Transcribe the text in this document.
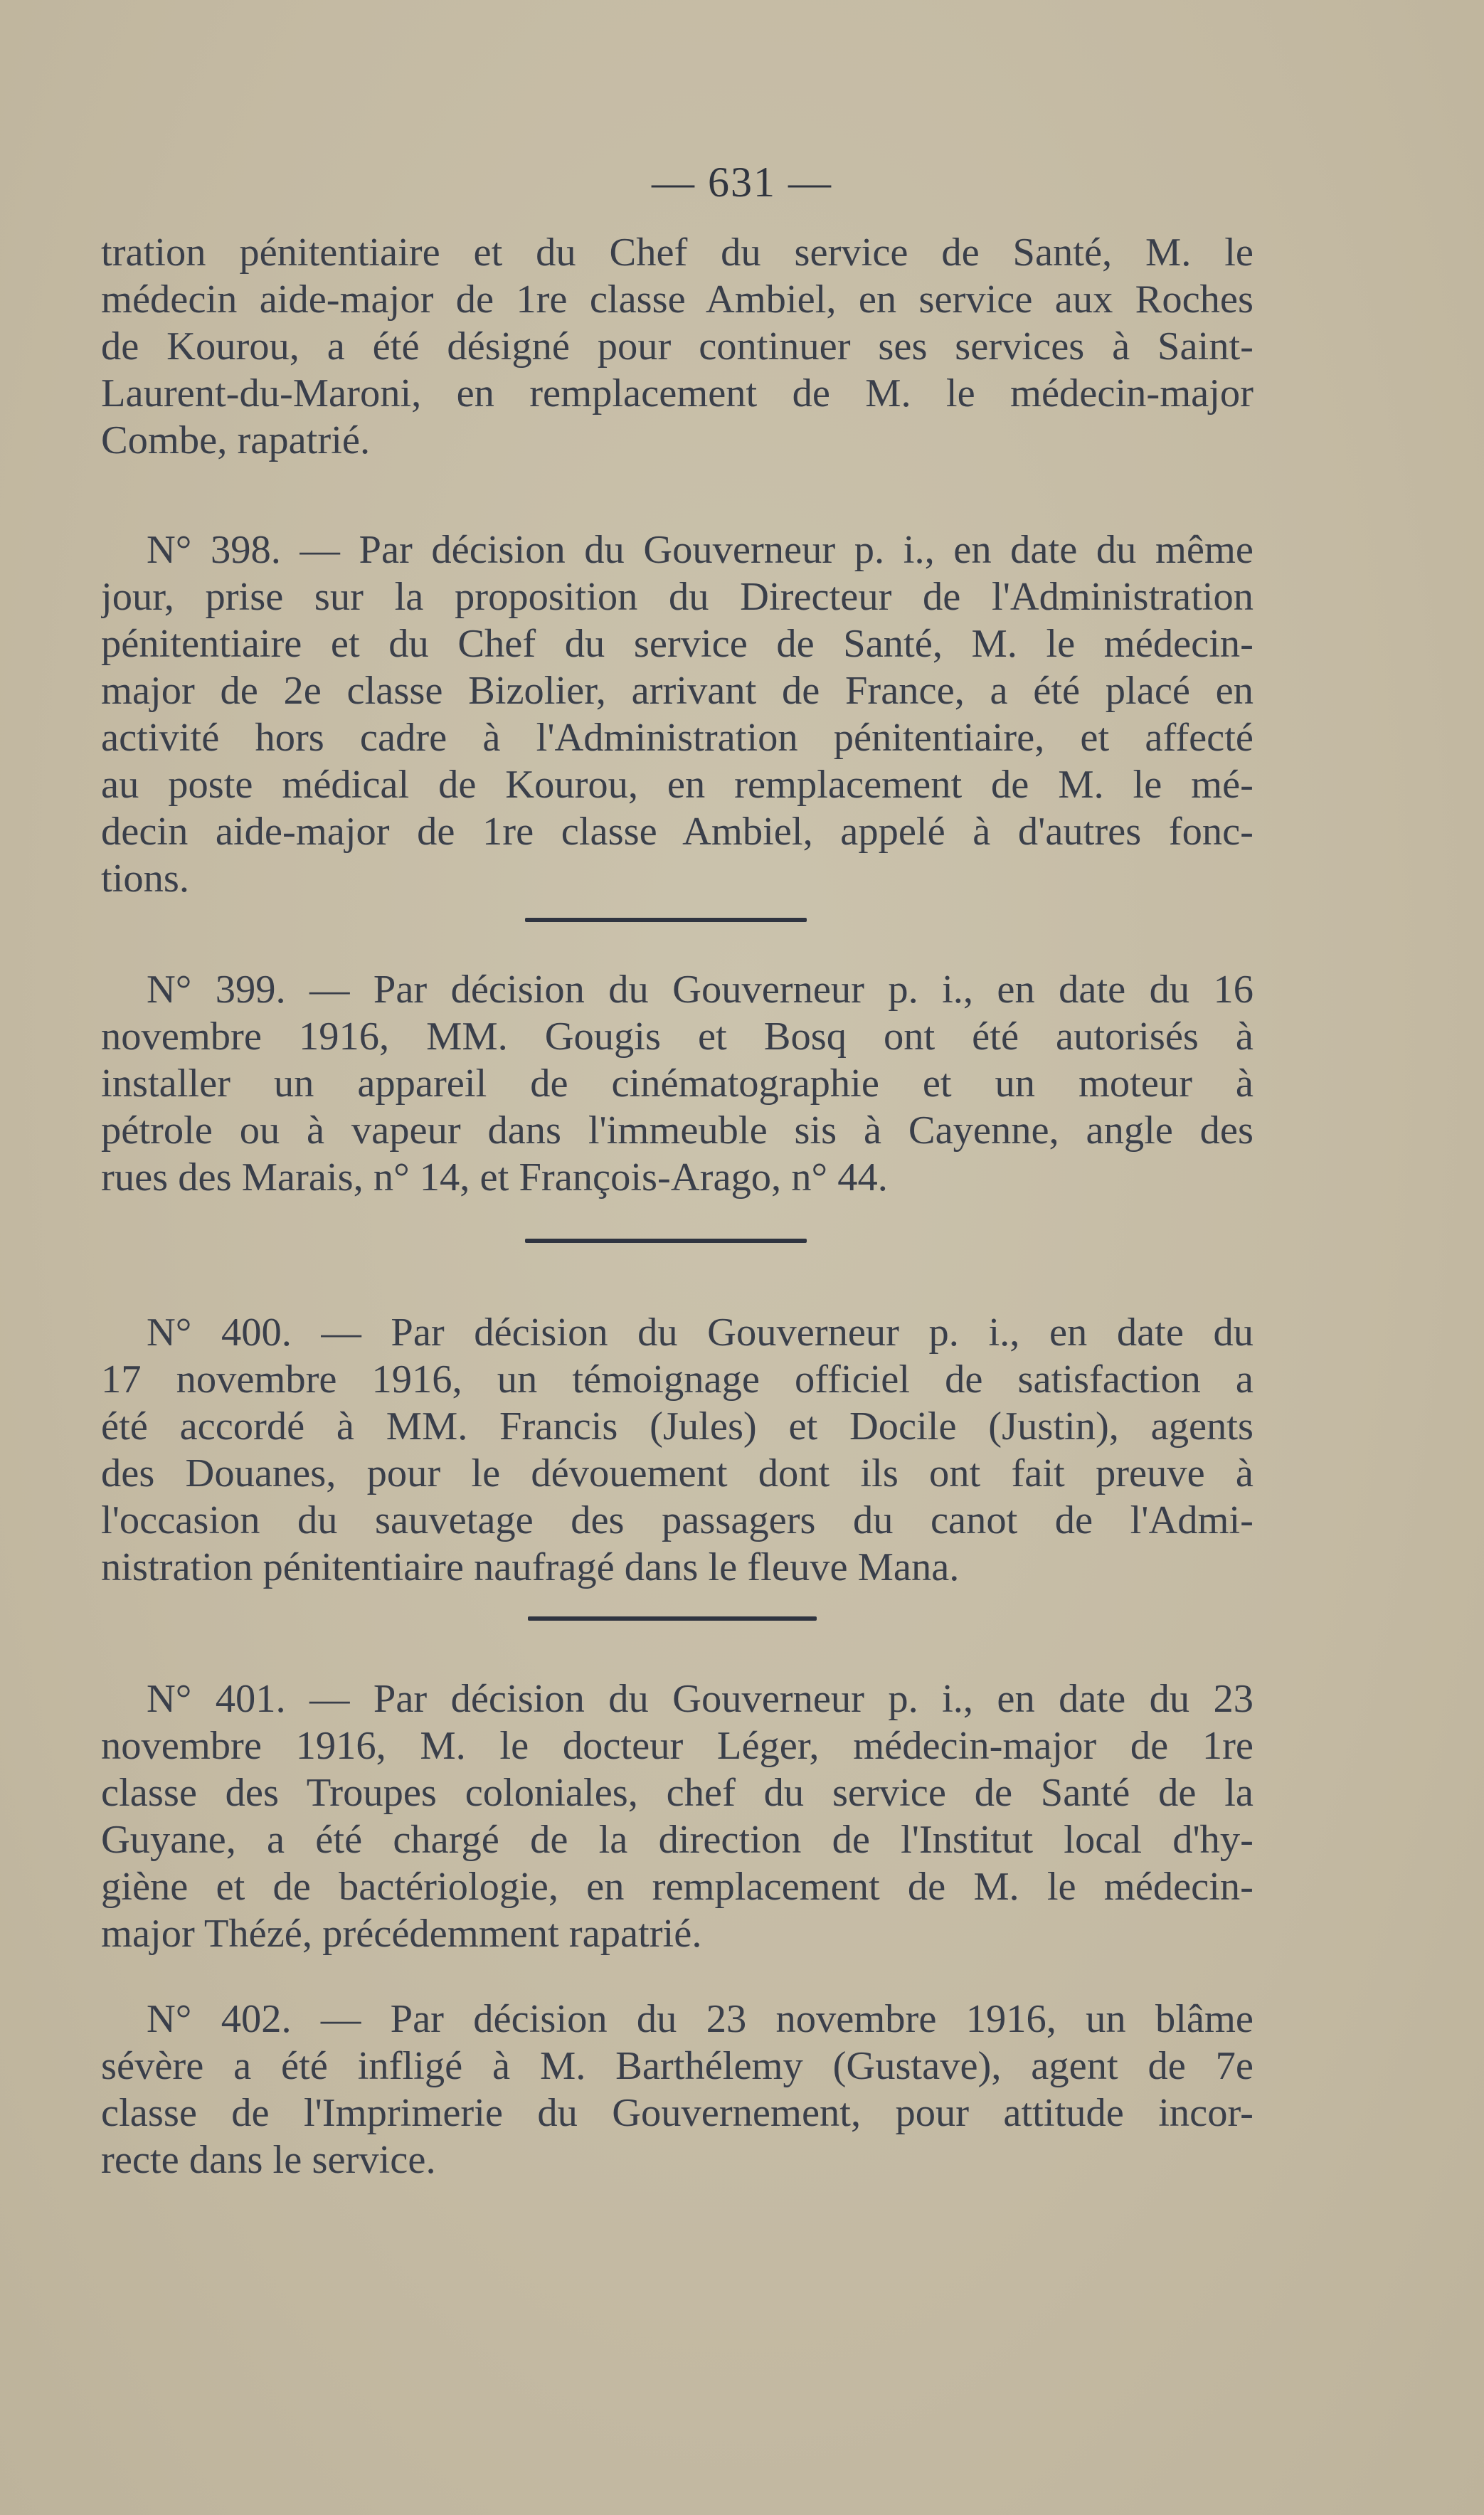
— 631 —
tration pénitentiaire et du Chef du service de Santé, M. le
médecin aide-major de 1re classe Ambiel, en service aux Roches
de Kourou, a été désigné pour continuer ses services à Saint-
Laurent-du-Maroni, en remplacement de M. le médecin-major
Combe, rapatrié.
N° 398. — Par décision du Gouverneur p. i., en date du même
jour, prise sur la proposition du Directeur de l'Administration
pénitentiaire et du Chef du service de Santé, M. le médecin-
major de 2e classe Bizolier, arrivant de France, a été placé en
activité hors cadre à l'Administration pénitentiaire, et affecté
au poste médical de Kourou, en remplacement de M. le mé-
decin aide-major de 1re classe Ambiel, appelé à d'autres fonc-
tions.
N° 399. — Par décision du Gouverneur p. i., en date du 16
novembre 1916, MM. Gougis et Bosq ont été autorisés à
installer un appareil de cinématographie et un moteur à
pétrole ou à vapeur dans l'immeuble sis à Cayenne, angle des
rues des Marais, n° 14, et François-Arago, n° 44.
N° 400. — Par décision du Gouverneur p. i., en date du
17 novembre 1916, un témoignage officiel de satisfaction a
été accordé à MM. Francis (Jules) et Docile (Justin), agents
des Douanes, pour le dévouement dont ils ont fait preuve à
l'occasion du sauvetage des passagers du canot de l'Admi-
nistration pénitentiaire naufragé dans le fleuve Mana.
N° 401. — Par décision du Gouverneur p. i., en date du 23
novembre 1916, M. le docteur Léger, médecin-major de 1re
classe des Troupes coloniales, chef du service de Santé de la
Guyane, a été chargé de la direction de l'Institut local d'hy-
giène et de bactériologie, en remplacement de M. le médecin-
major Thézé, précédemment rapatrié.
N° 402. — Par décision du 23 novembre 1916, un blâme
sévère a été infligé à M. Barthélemy (Gustave), agent de 7e
classe de l'Imprimerie du Gouvernement, pour attitude incor-
recte dans le service.
